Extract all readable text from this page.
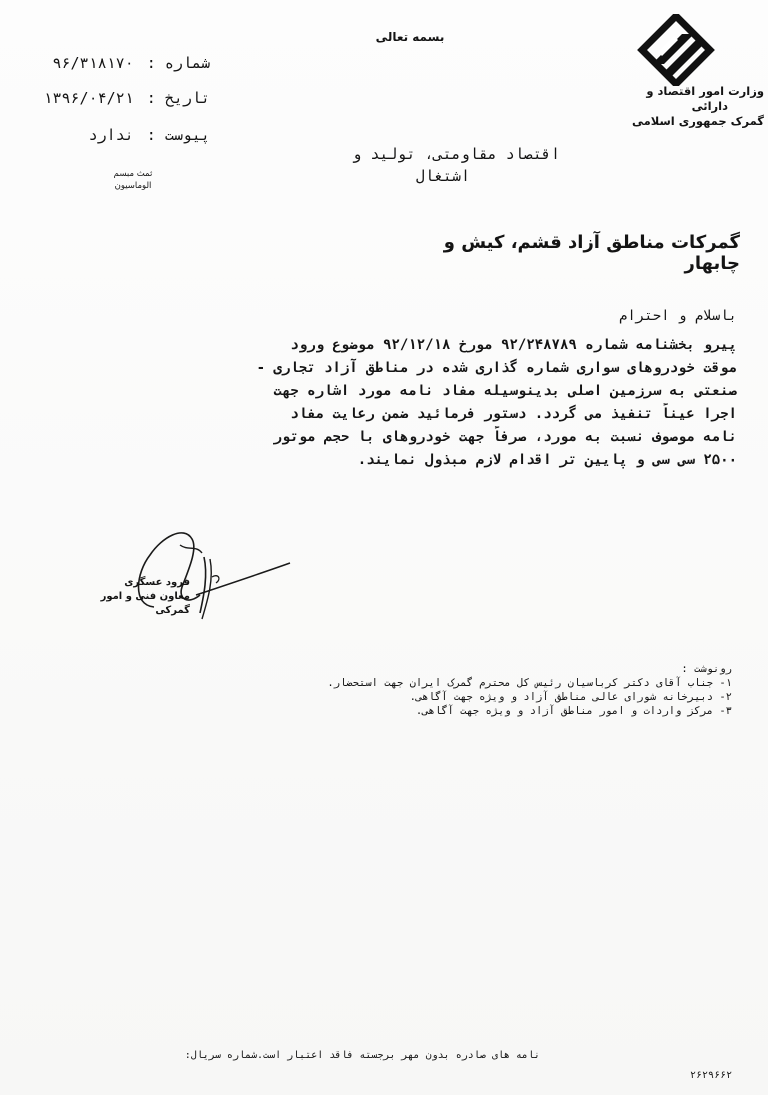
بسمه تعالی
وزارت امور اقتصاد و
دارائی
گمرک جمهوری اسلامی
شماره : ۹۶/۳۱۸۱۷۰
تاریخ : ۱۳۹۶/۰۴/۲۱
پیوست : ندارد
ثمث مبسم
الوماسیون
اقتصاد مقاومتی، تولید و
اشتغال
گمرکات مناطق آزاد قشم، کیش و چابهار
باسلام و احترام
پیرو بخشنامه شماره ۹۲/۲۴۸۷۸۹ مورخ ۹۲/۱۲/۱۸ موضوع ورود
موقت خودروهای سواری شماره گذاری شده در مناطق آزاد تجاری -
صنعتی به سرزمین اصلی بدینوسیله مفاد نامه مورد اشاره جهت
اجرا عیناً تنفیذ می گردد. دستور فرمائید ضمن رعایت مفاد
نامه موصوف نسبت به مورد، صرفاً جهت خودروهای با حجم موتور
۲۵۰۰ سی سی و پایین تر اقدام لازم مبذول نمایند.
فرود عسگری
معاون فنی و امور گمرکی
رونوشت :
۱- جناب آقای دکتر کرباسیان رئیس کل محترم گمرک ایران جهت استحضار.
۲- دبیرخانه شورای عالی مناطق آزاد و ویژه جهت آگاهی.
۳- مرکز واردات و امور مناطق آزاد و ویژه جهت آگاهی.
نامه های صادره بدون مهر برجسته فاقد اعتبار است.شماره سریال:
۲۶۲۹۶۶۲
